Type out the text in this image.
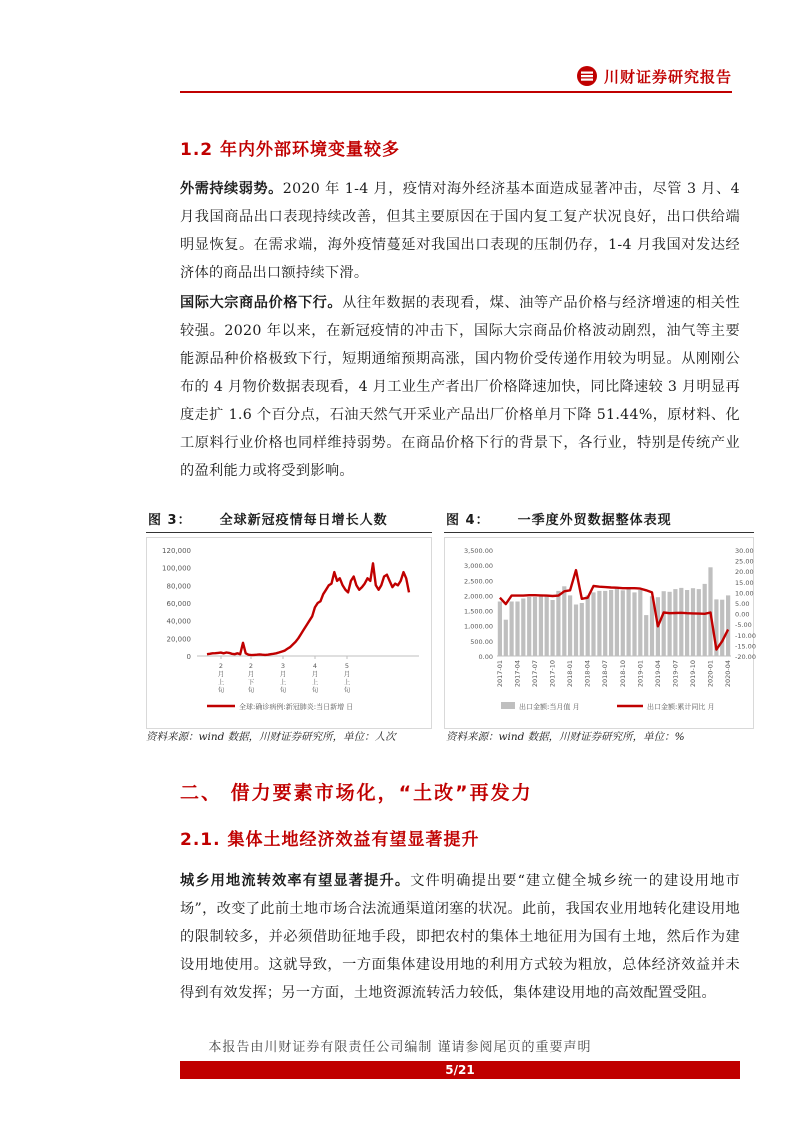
川财证券研究报告
1.2 年内外部环境变量较多
外需持续弱势。2020 年 1-4 月，疫情对海外经济基本面造成显著冲击，尽管 3 月、4 月我国商品出口表现持续改善，但其主要原因在于国内复工复产状况良好，出口供给端明显恢复。在需求端，海外疫情蔓延对我国出口表现的压制仍存，1-4 月我国对发达经济体的商品出口额持续下滑。
国际大宗商品价格下行。从往年数据的表现看，煤、油等产品价格与经济增速的相关性较强。2020 年以来，在新冠疫情的冲击下，国际大宗商品价格波动剧烈，油气等主要能源品种价格极致下行，短期通缩预期高涨，国内物价受传递作用较为明显。从刚刚公布的 4 月物价数据表现看，4 月工业生产者出厂价格降速加快，同比降速较 3 月明显再度走扩 1.6 个百分点，石油天然气开采业产品出厂价格单月下降 51.44%，原材料、化工原料行业价格也同样维持弱势。在商品价格下行的背景下，各行业，特别是传统产业的盈利能力或将受到影响。
图 3： 全球新冠疫情每日增长人数
120,000
100,000
80,000
60,000
40,000
20,000
0
2 月上旬
2 月下旬
3 月上旬
4 月上旬
5 月上旬
全球:确诊病例:新冠肺炎:当日新增 日
资料来源：wind 数据，川财证券研究所，单位：人次
图 4： 一季度外贸数据整体表现
3,500.00
3,000.00
2,500.00
2,000.00
1,500.00
1,000.00
500.00
0.00
30.00
25.00
20.00
15.00
10.00
5.00
0.00
-5.00
-10.00
-15.00
-20.00
2017-01 2017-04 2017-07 2017-10 2018-01 2018-04 2018-07 2018-10 2019-01 2019-04 2019-07 2019-10 2020-01 2020-04
出口金额:当月值 月	出口金额:累计同比 月
资料来源：wind 数据，川财证券研究所，单位：%
二、 借力要素市场化，“土改”再发力
2.1. 集体土地经济效益有望显著提升
城乡用地流转效率有望显著提升。文件明确提出要“建立健全城乡统一的建设用地市场”，改变了此前土地市场合法流通渠道闭塞的状况。此前，我国农业用地转化建设用地的限制较多，并必须借助征地手段，即把农村的集体土地征用为国有土地，然后作为建设用地使用。这就导致，一方面集体建设用地的利用方式较为粗放，总体经济效益并未得到有效发挥；另一方面，土地资源流转活力较低，集体建设用地的高效配置受阻。
本报告由川财证券有限责任公司编制 谨请参阅尾页的重要声明
5/21
